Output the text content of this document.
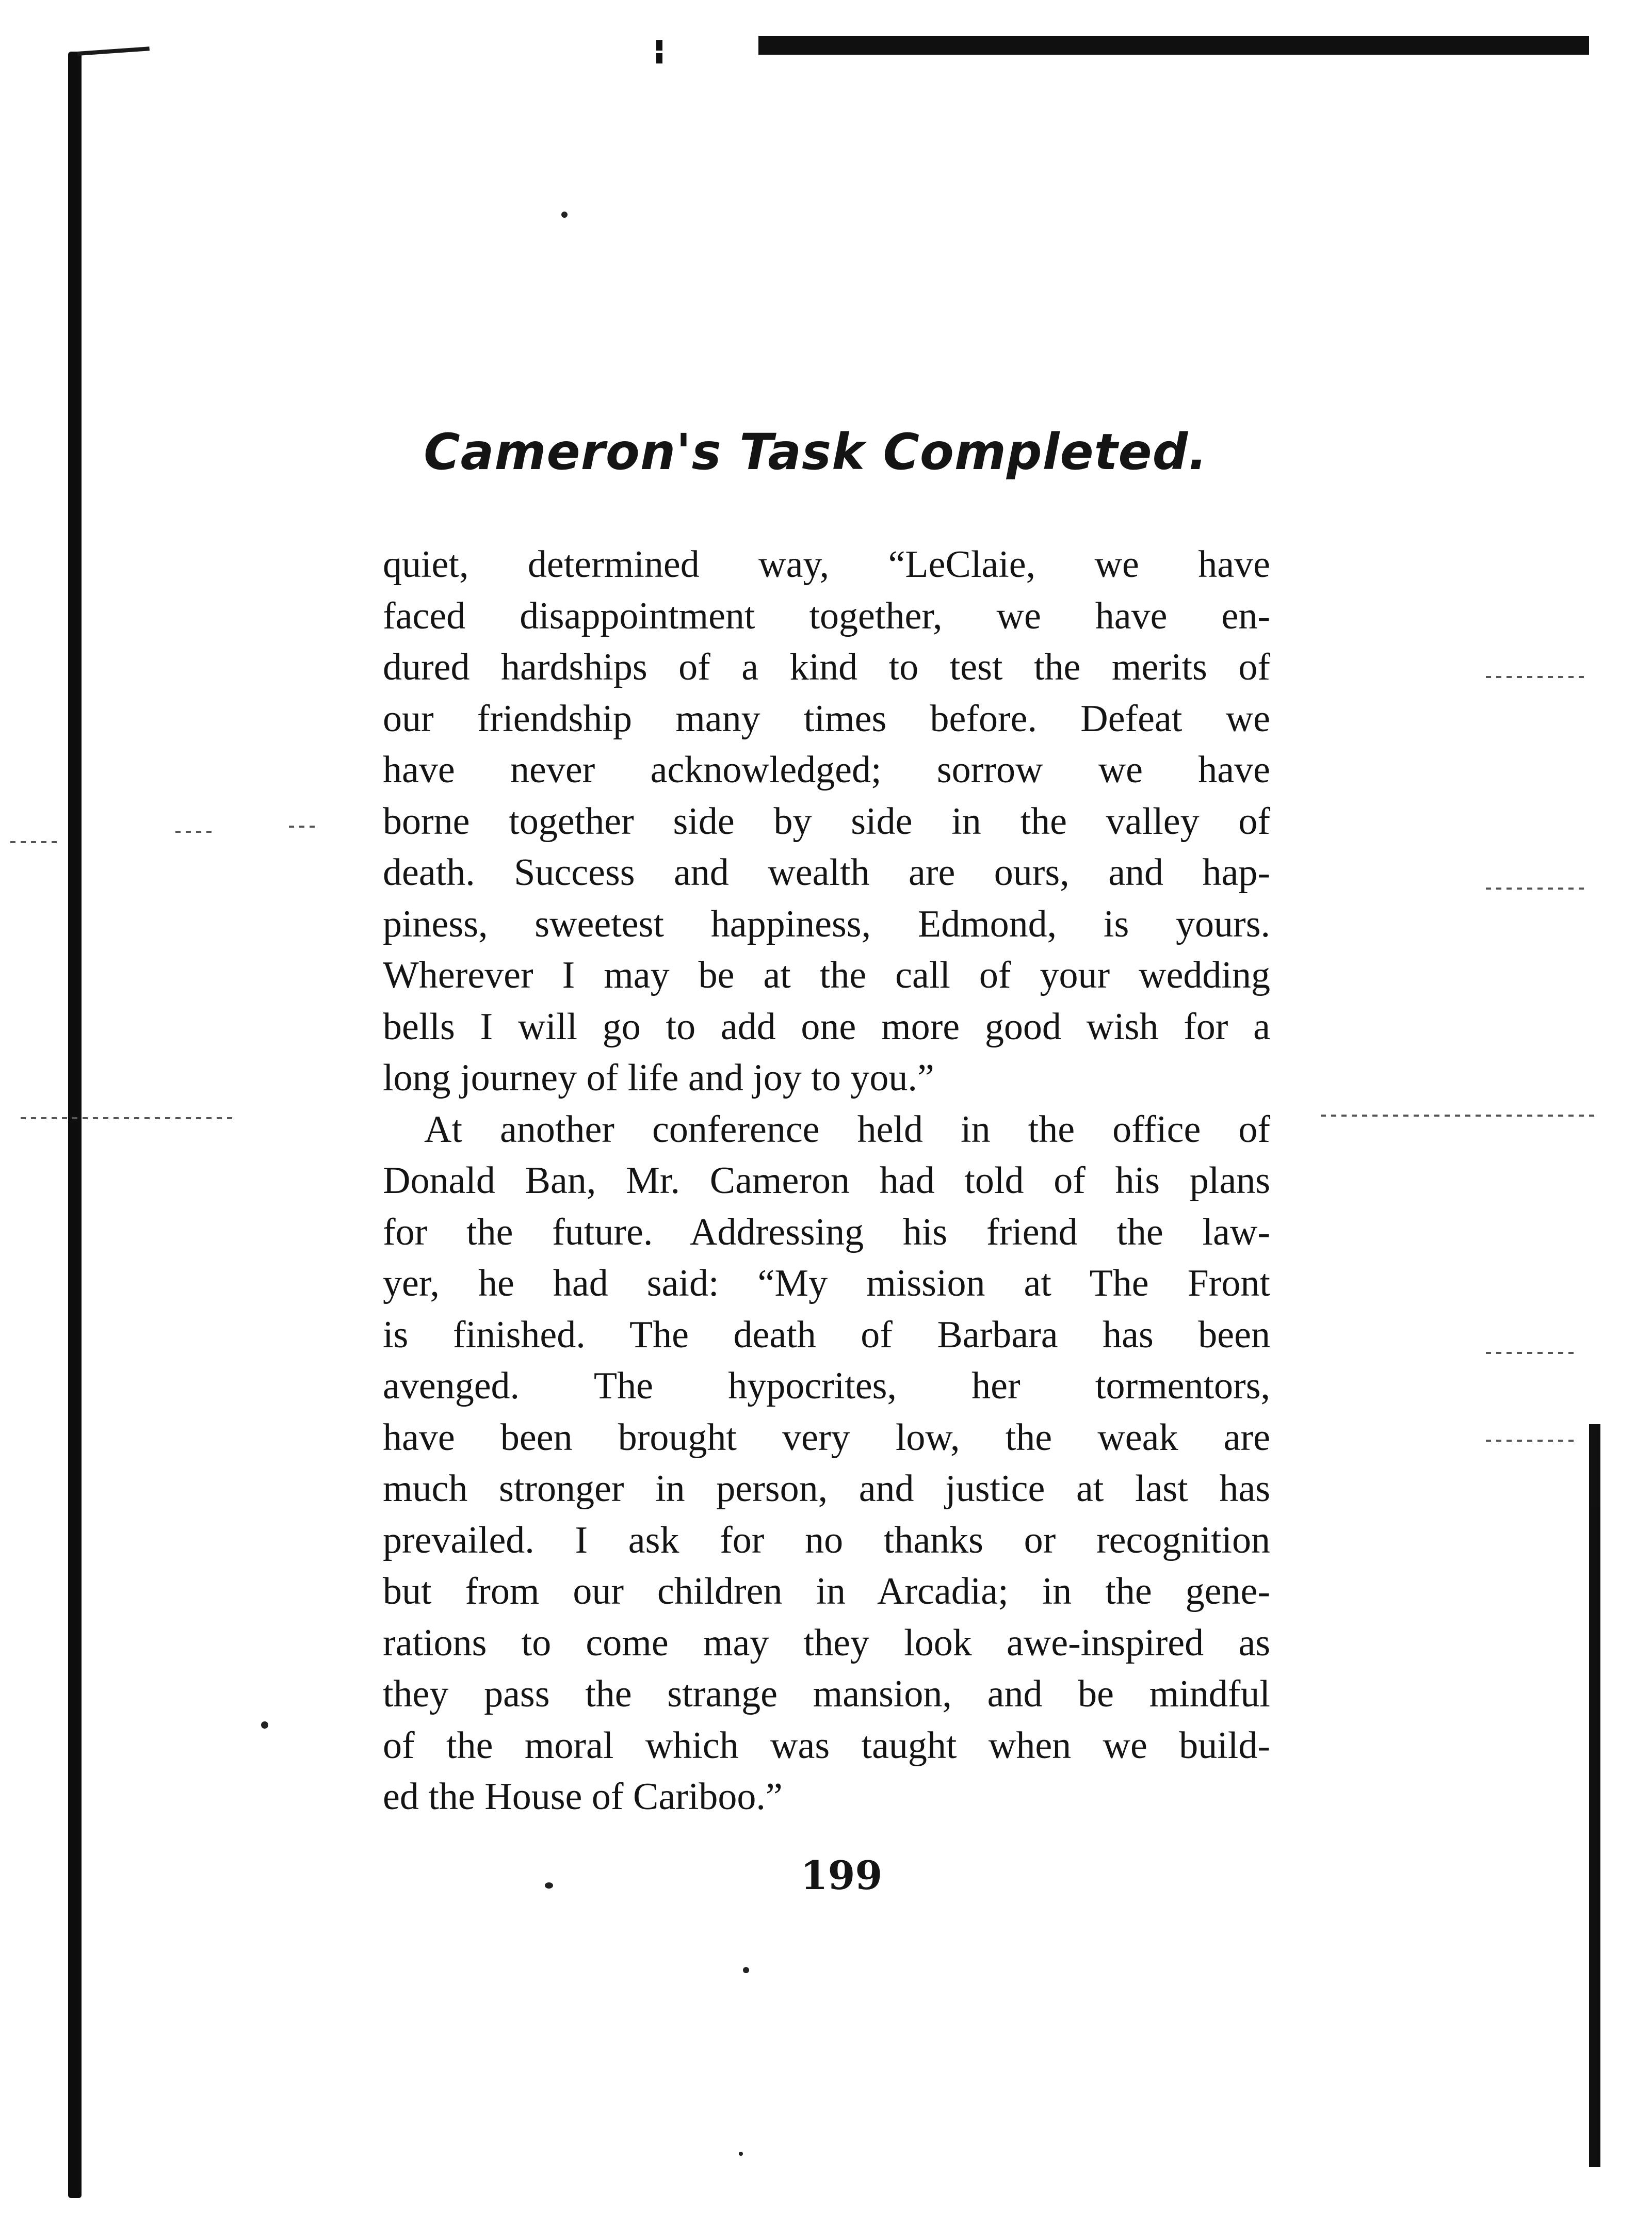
Cameron's Task Completed.
quiet, determined way, “LeClaie, we have
faced disappointment together, we have en-
dured hardships of a kind to test the merits of
our friendship many times before. Defeat we
have never acknowledged; sorrow we have
borne together side by side in the valley of
death. Success and wealth are ours, and hap-
piness, sweetest happiness, Edmond, is yours.
Wherever I may be at the call of your wedding
bells I will go to add one more good wish for a
long journey of life and joy to you.”
At another conference held in the office of
Donald Ban, Mr. Cameron had told of his plans
for the future. Addressing his friend the law-
yer, he had said: “My mission at The Front
is finished. The death of Barbara has been
avenged. The hypocrites, her tormentors,
have been brought very low, the weak are
much stronger in person, and justice at last has
prevailed. I ask for no thanks or recognition
but from our children in Arcadia; in the gene-
rations to come may they look awe-inspired as
they pass the strange mansion, and be mindful
of the moral which was taught when we build-
ed the House of Cariboo.”
199
